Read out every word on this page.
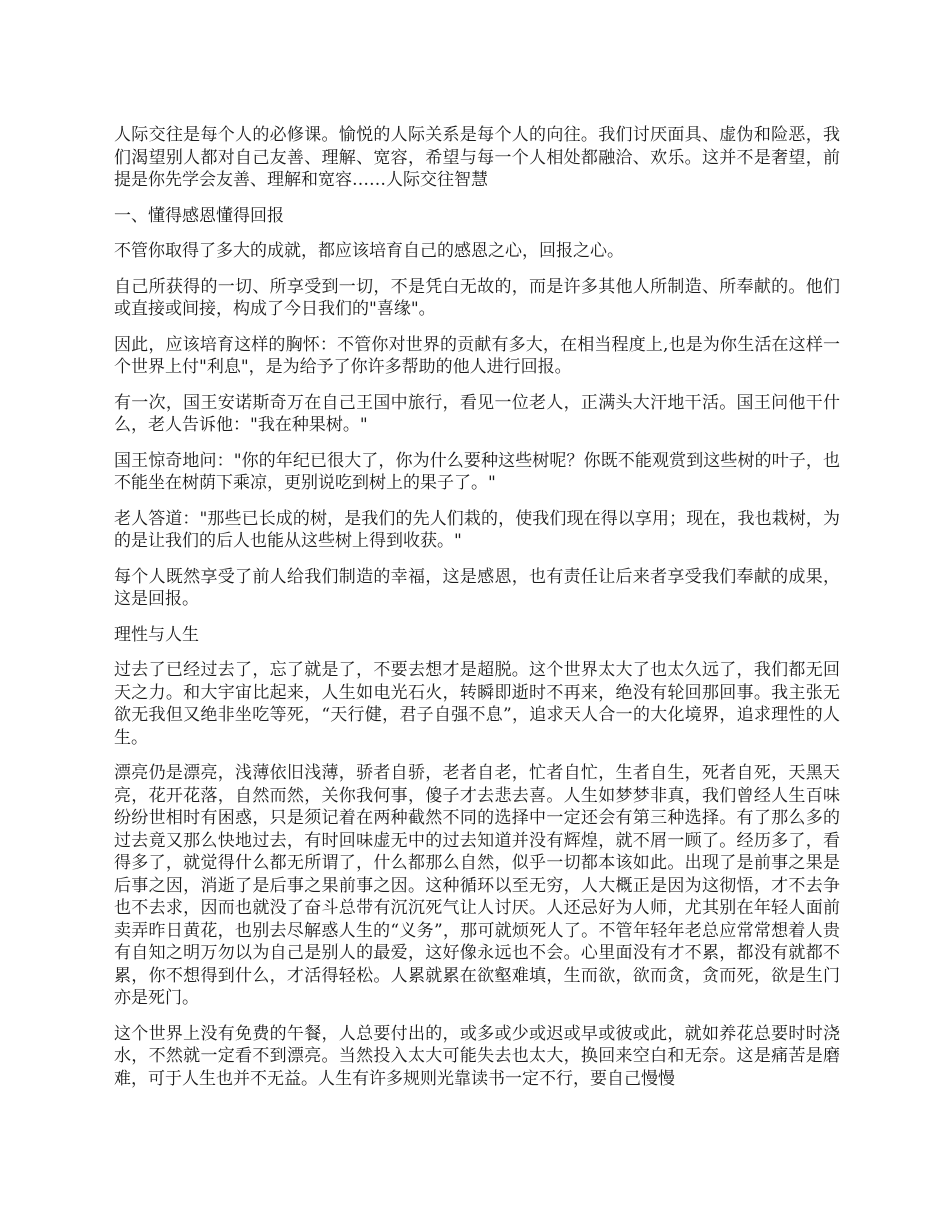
人际交往是每个人的必修课。愉悦的人际关系是每个人的向往。我们讨厌面具、虚伪和险恶，我们渴望别人都对自己友善、理解、宽容，希望与每一个人相处都融洽、欢乐。这并不是奢望，前提是你先学会友善、理解和宽容……人际交往智慧

一、懂得感恩懂得回报

不管你取得了多大的成就，都应该培育自己的感恩之心，回报之心。

自己所获得的一切、所享受到一切，不是凭白无故的，而是许多其他人所制造、所奉献的。他们或直接或间接，构成了今日我们的"喜缘"。

因此，应该培育这样的胸怀：不管你对世界的贡献有多大，在相当程度上,也是为你生活在这样一个世界上付"利息"，是为给予了你许多帮助的他人进行回报。

有一次，国王安诺斯奇万在自己王国中旅行，看见一位老人，正满头大汗地干活。国王问他干什么，老人告诉他："我在种果树。"

国王惊奇地问："你的年纪已很大了，你为什么要种这些树呢？你既不能观赏到这些树的叶子，也不能坐在树荫下乘凉，更别说吃到树上的果子了。"

老人答道："那些已长成的树，是我们的先人们栽的，使我们现在得以享用；现在，我也栽树，为的是让我们的后人也能从这些树上得到收获。"

每个人既然享受了前人给我们制造的幸福，这是感恩，也有责任让后来者享受我们奉献的成果，这是回报。

理性与人生

过去了已经过去了，忘了就是了，不要去想才是超脱。这个世界太大了也太久远了，我们都无回天之力。和大宇宙比起来，人生如电光石火，转瞬即逝时不再来，绝没有轮回那回事。我主张无欲无我但又绝非坐吃等死，“天行健，君子自强不息”，追求天人合一的大化境界，追求理性的人生。

漂亮仍是漂亮，浅薄依旧浅薄，骄者自骄，老者自老，忙者自忙，生者自生，死者自死，天黑天亮，花开花落，自然而然，关你我何事，傻子才去悲去喜。人生如梦梦非真，我们曾经人生百味纷纷世相时有困惑，只是须记着在两种截然不同的选择中一定还会有第三种选择。有了那么多的过去竟又那么快地过去，有时回味虚无中的过去知道并没有辉煌，就不屑一顾了。经历多了，看得多了，就觉得什么都无所谓了，什么都那么自然，似乎一切都本该如此。出现了是前事之果是后事之因，消逝了是后事之果前事之因。这种循环以至无穷，人大概正是因为这彻悟，才不去争也不去求，因而也就没了奋斗总带有沉沉死气让人讨厌。人还忌好为人师，尤其别在年轻人面前卖弄昨日黄花，也别去尽解惑人生的“义务”，那可就烦死人了。不管年轻年老总应常常想着人贵有自知之明万勿以为自己是别人的最爱，这好像永远也不会。心里面没有才不累，都没有就都不累，你不想得到什么，才活得轻松。人累就累在欲壑难填，生而欲，欲而贪，贪而死，欲是生门亦是死门。

这个世界上没有免费的午餐，人总要付出的，或多或少或迟或早或彼或此，就如养花总要时时浇水，不然就一定看不到漂亮。当然投入太大可能失去也太大，换回来空白和无奈。这是痛苦是磨难，可于人生也并不无益。人生有许多规则光靠读书一定不行，要自己慢慢
